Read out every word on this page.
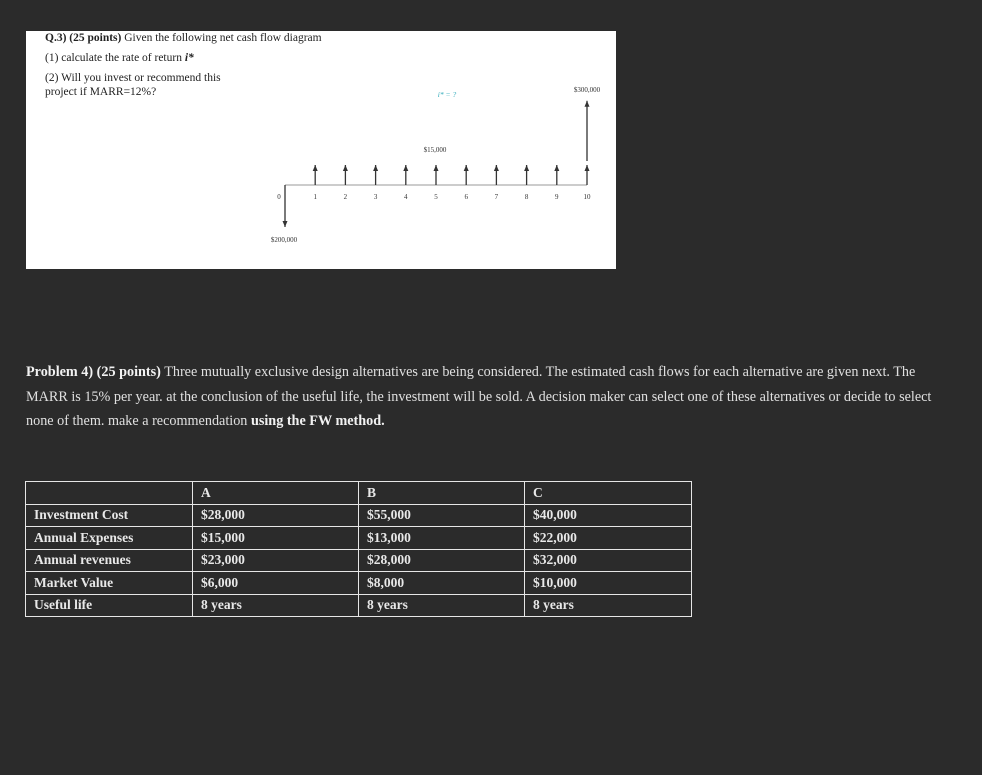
Q.3) (25 points) Given the following net cash flow diagram
(1) calculate the rate of return i*
(2) Will you invest or recommend this
project if MARR=12%?
0	1	2	3	4	5	6	7	8	9	10
i* = ?	$300,000
$15,000
$200,000
Problem 4) (25 points) Three mutually exclusive design alternatives are being considered. The estimated cash flows for each alternative are given next. The MARR is 15% per year. at the conclusion of the useful life, the investment will be sold. A decision maker can select one of these alternatives or decide to select none of them. make a recommendation using the FW method.
	A	B	C
Investment Cost	$28,000	$55,000	$40,000
Annual Expenses	$15,000	$13,000	$22,000
Annual revenues	$23,000	$28,000	$32,000
Market Value	$6,000	$8,000	$10,000
Useful life	8 years	8 years	8 years
